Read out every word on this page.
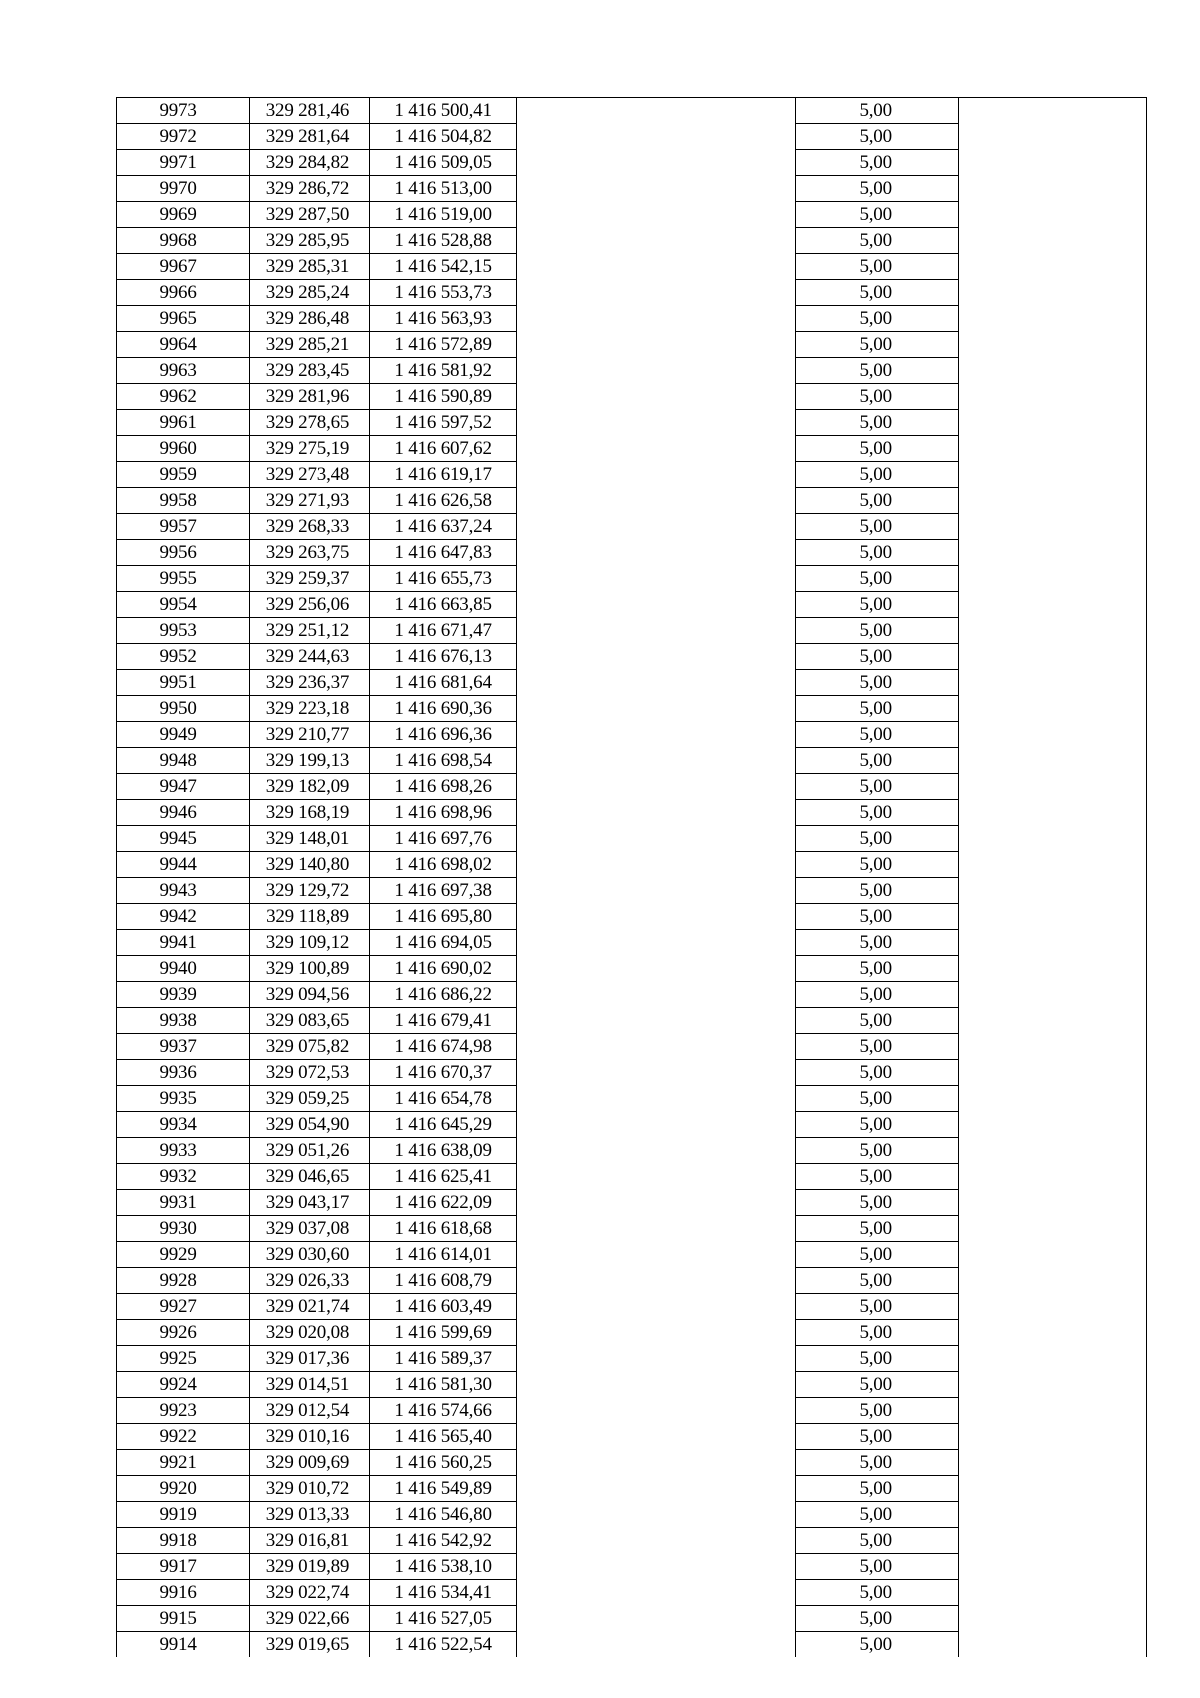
9973	329 281,46	1 416 500,41		5,00	
9972	329 281,64	1 416 504,82		5,00	
9971	329 284,82	1 416 509,05		5,00	
9970	329 286,72	1 416 513,00		5,00	
9969	329 287,50	1 416 519,00		5,00	
9968	329 285,95	1 416 528,88		5,00	
9967	329 285,31	1 416 542,15		5,00	
9966	329 285,24	1 416 553,73		5,00	
9965	329 286,48	1 416 563,93		5,00	
9964	329 285,21	1 416 572,89		5,00	
9963	329 283,45	1 416 581,92		5,00	
9962	329 281,96	1 416 590,89		5,00	
9961	329 278,65	1 416 597,52		5,00	
9960	329 275,19	1 416 607,62		5,00	
9959	329 273,48	1 416 619,17		5,00	
9958	329 271,93	1 416 626,58		5,00	
9957	329 268,33	1 416 637,24		5,00	
9956	329 263,75	1 416 647,83		5,00	
9955	329 259,37	1 416 655,73		5,00	
9954	329 256,06	1 416 663,85		5,00	
9953	329 251,12	1 416 671,47		5,00	
9952	329 244,63	1 416 676,13		5,00	
9951	329 236,37	1 416 681,64		5,00	
9950	329 223,18	1 416 690,36		5,00	
9949	329 210,77	1 416 696,36		5,00	
9948	329 199,13	1 416 698,54		5,00	
9947	329 182,09	1 416 698,26		5,00	
9946	329 168,19	1 416 698,96		5,00	
9945	329 148,01	1 416 697,76		5,00	
9944	329 140,80	1 416 698,02		5,00	
9943	329 129,72	1 416 697,38		5,00	
9942	329 118,89	1 416 695,80		5,00	
9941	329 109,12	1 416 694,05		5,00	
9940	329 100,89	1 416 690,02		5,00	
9939	329 094,56	1 416 686,22		5,00	
9938	329 083,65	1 416 679,41		5,00	
9937	329 075,82	1 416 674,98		5,00	
9936	329 072,53	1 416 670,37		5,00	
9935	329 059,25	1 416 654,78		5,00	
9934	329 054,90	1 416 645,29		5,00	
9933	329 051,26	1 416 638,09		5,00	
9932	329 046,65	1 416 625,41		5,00	
9931	329 043,17	1 416 622,09		5,00	
9930	329 037,08	1 416 618,68		5,00	
9929	329 030,60	1 416 614,01		5,00	
9928	329 026,33	1 416 608,79		5,00	
9927	329 021,74	1 416 603,49		5,00	
9926	329 020,08	1 416 599,69		5,00	
9925	329 017,36	1 416 589,37		5,00	
9924	329 014,51	1 416 581,30		5,00	
9923	329 012,54	1 416 574,66		5,00	
9922	329 010,16	1 416 565,40		5,00	
9921	329 009,69	1 416 560,25		5,00	
9920	329 010,72	1 416 549,89		5,00	
9919	329 013,33	1 416 546,80		5,00	
9918	329 016,81	1 416 542,92		5,00	
9917	329 019,89	1 416 538,10		5,00	
9916	329 022,74	1 416 534,41		5,00	
9915	329 022,66	1 416 527,05		5,00	
9914	329 019,65	1 416 522,54		5,00	
